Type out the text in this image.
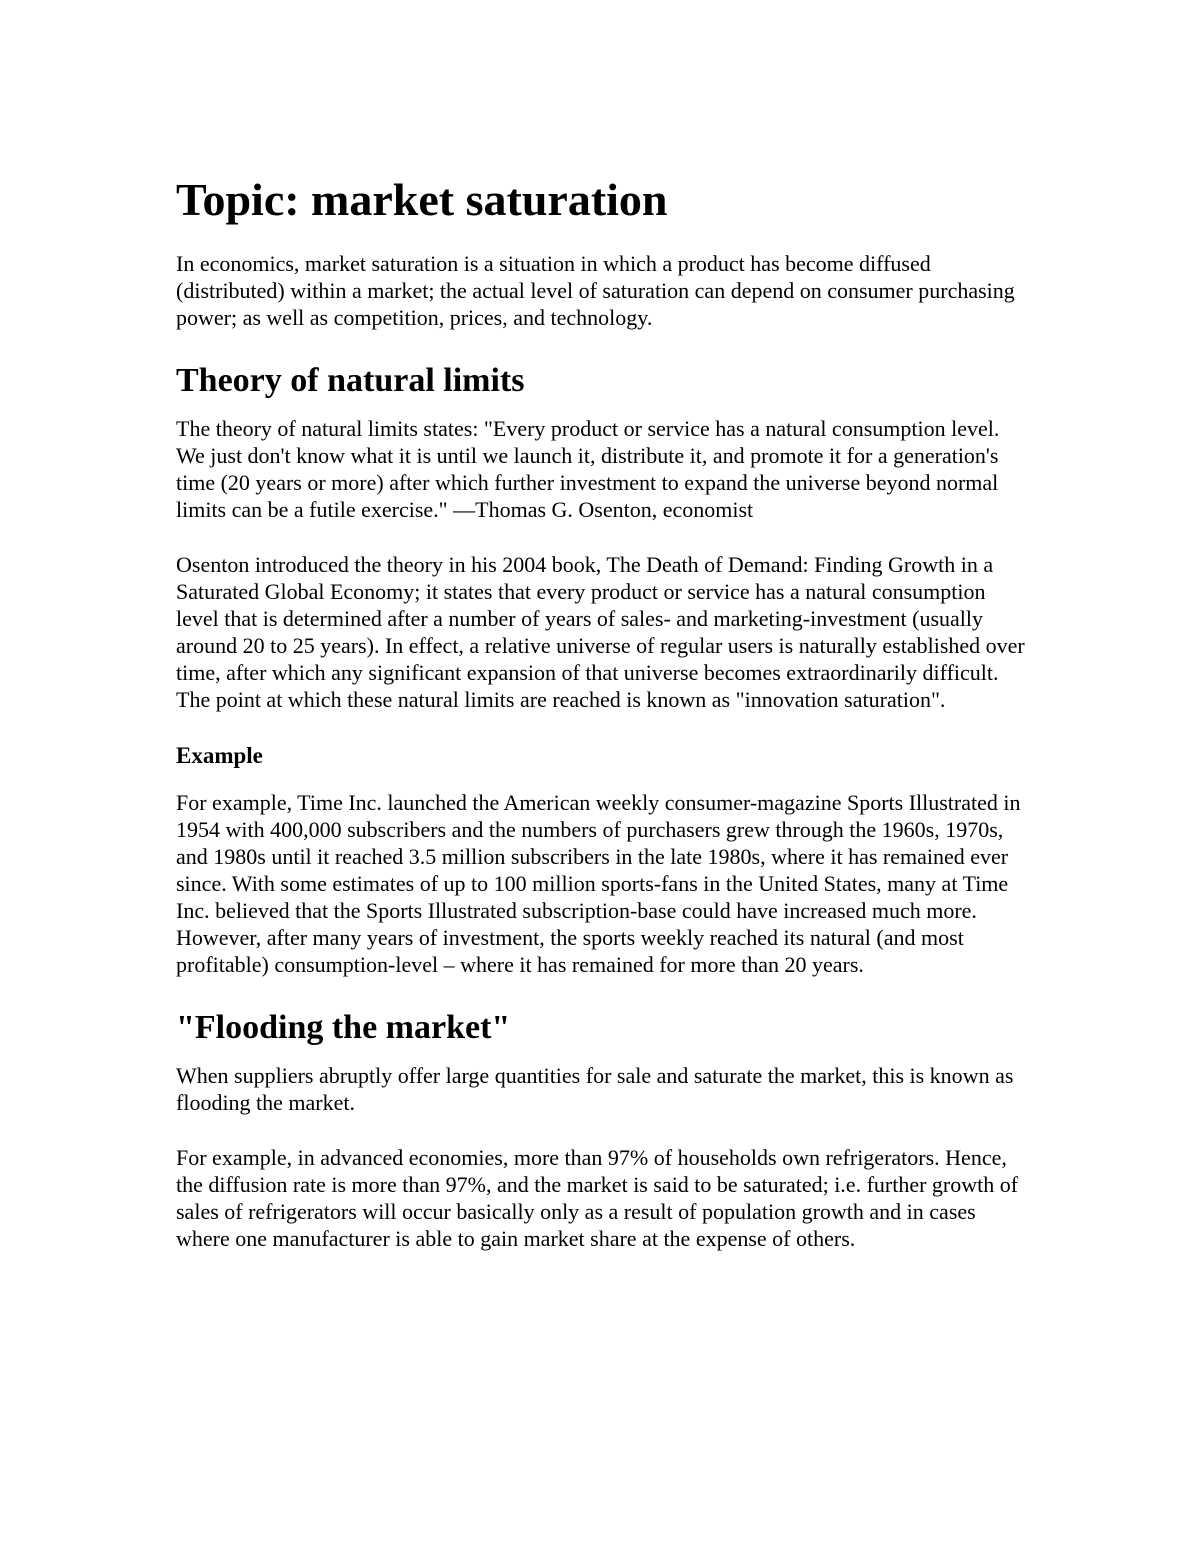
Topic: market saturation

In economics, market saturation is a situation in which a product has become diffused (distributed) within a market; the actual level of saturation can depend on consumer purchasing power; as well as competition, prices, and technology.

Theory of natural limits

The theory of natural limits states: "Every product or service has a natural consumption level. We just don't know what it is until we launch it, distribute it, and promote it for a generation's time (20 years or more) after which further investment to expand the universe beyond normal limits can be a futile exercise." —Thomas G. Osenton, economist

Osenton introduced the theory in his 2004 book, The Death of Demand: Finding Growth in a Saturated Global Economy; it states that every product or service has a natural consumption level that is determined after a number of years of sales- and marketing-investment (usually around 20 to 25 years). In effect, a relative universe of regular users is naturally established over time, after which any significant expansion of that universe becomes extraordinarily difficult. The point at which these natural limits are reached is known as "innovation saturation".

Example

For example, Time Inc. launched the American weekly consumer-magazine Sports Illustrated in 1954 with 400,000 subscribers and the numbers of purchasers grew through the 1960s, 1970s, and 1980s until it reached 3.5 million subscribers in the late 1980s, where it has remained ever since. With some estimates of up to 100 million sports-fans in the United States, many at Time Inc. believed that the Sports Illustrated subscription-base could have increased much more. However, after many years of investment, the sports weekly reached its natural (and most profitable) consumption-level – where it has remained for more than 20 years.

"Flooding the market"

When suppliers abruptly offer large quantities for sale and saturate the market, this is known as flooding the market.

For example, in advanced economies, more than 97% of households own refrigerators. Hence, the diffusion rate is more than 97%, and the market is said to be saturated; i.e. further growth of sales of refrigerators will occur basically only as a result of population growth and in cases where one manufacturer is able to gain market share at the expense of others.
